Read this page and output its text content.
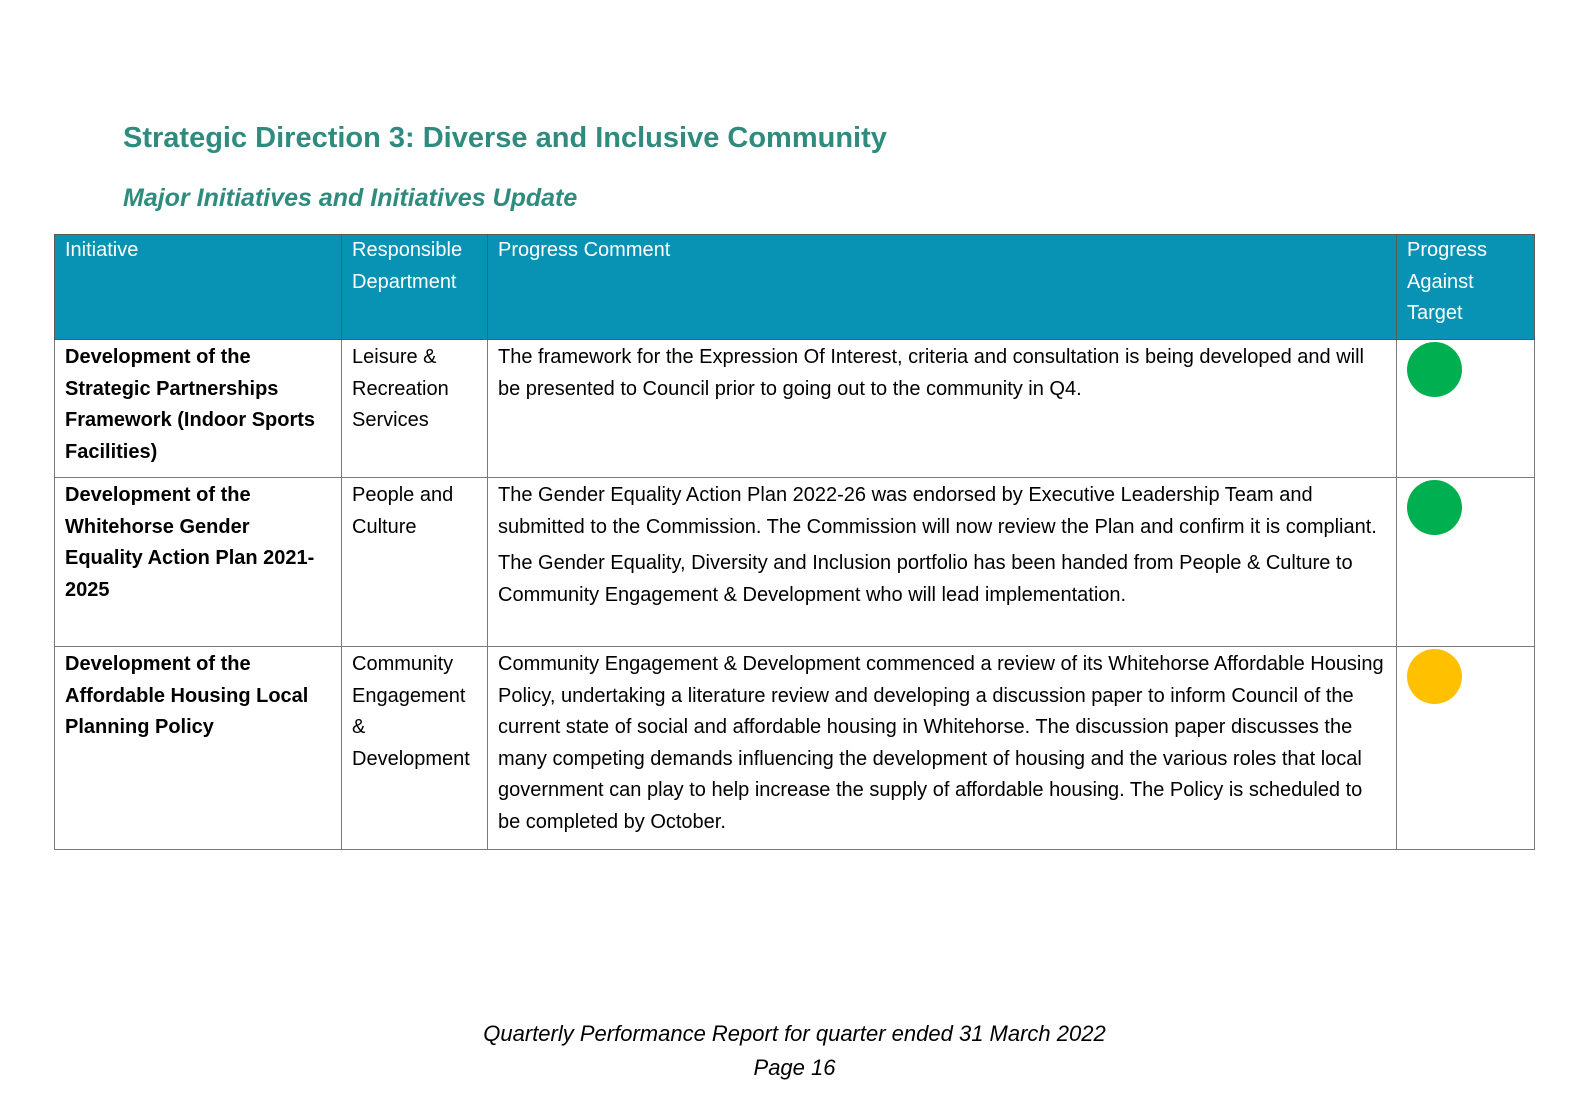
Strategic Direction 3: Diverse and Inclusive Community
Major Initiatives and Initiatives Update
Initiative	Responsible Department	Progress Comment	Progress Against Target
Development of the Strategic Partnerships Framework (Indoor Sports Facilities)	Leisure & Recreation Services	The framework for the Expression Of Interest, criteria and consultation is being developed and will be presented to Council prior to going out to the community in Q4.	

Development of the Whitehorse Gender Equality Action Plan 2021-2025	People and Culture	The Gender Equality Action Plan 2022-26 was endorsed by Executive Leadership Team and submitted to the Commission. The Commission will now review the Plan and confirm it is compliant.

The Gender Equality, Diversity and Inclusion portfolio has been handed from People & Culture to Community Engagement & Development who will lead implementation.	

Development of the Affordable Housing Local Planning Policy	Community Engagement & Development	Community Engagement & Development commenced a review of its Whitehorse Affordable Housing Policy, undertaking a literature review and developing a discussion paper to inform Council of the current state of social and affordable housing in Whitehorse. The discussion paper discusses the many competing demands influencing the development of housing and the various roles that local government can play to help increase the supply of affordable housing. The Policy is scheduled to be completed by October.	

Quarterly Performance Report for quarter ended 31 March 2022

Page 16
